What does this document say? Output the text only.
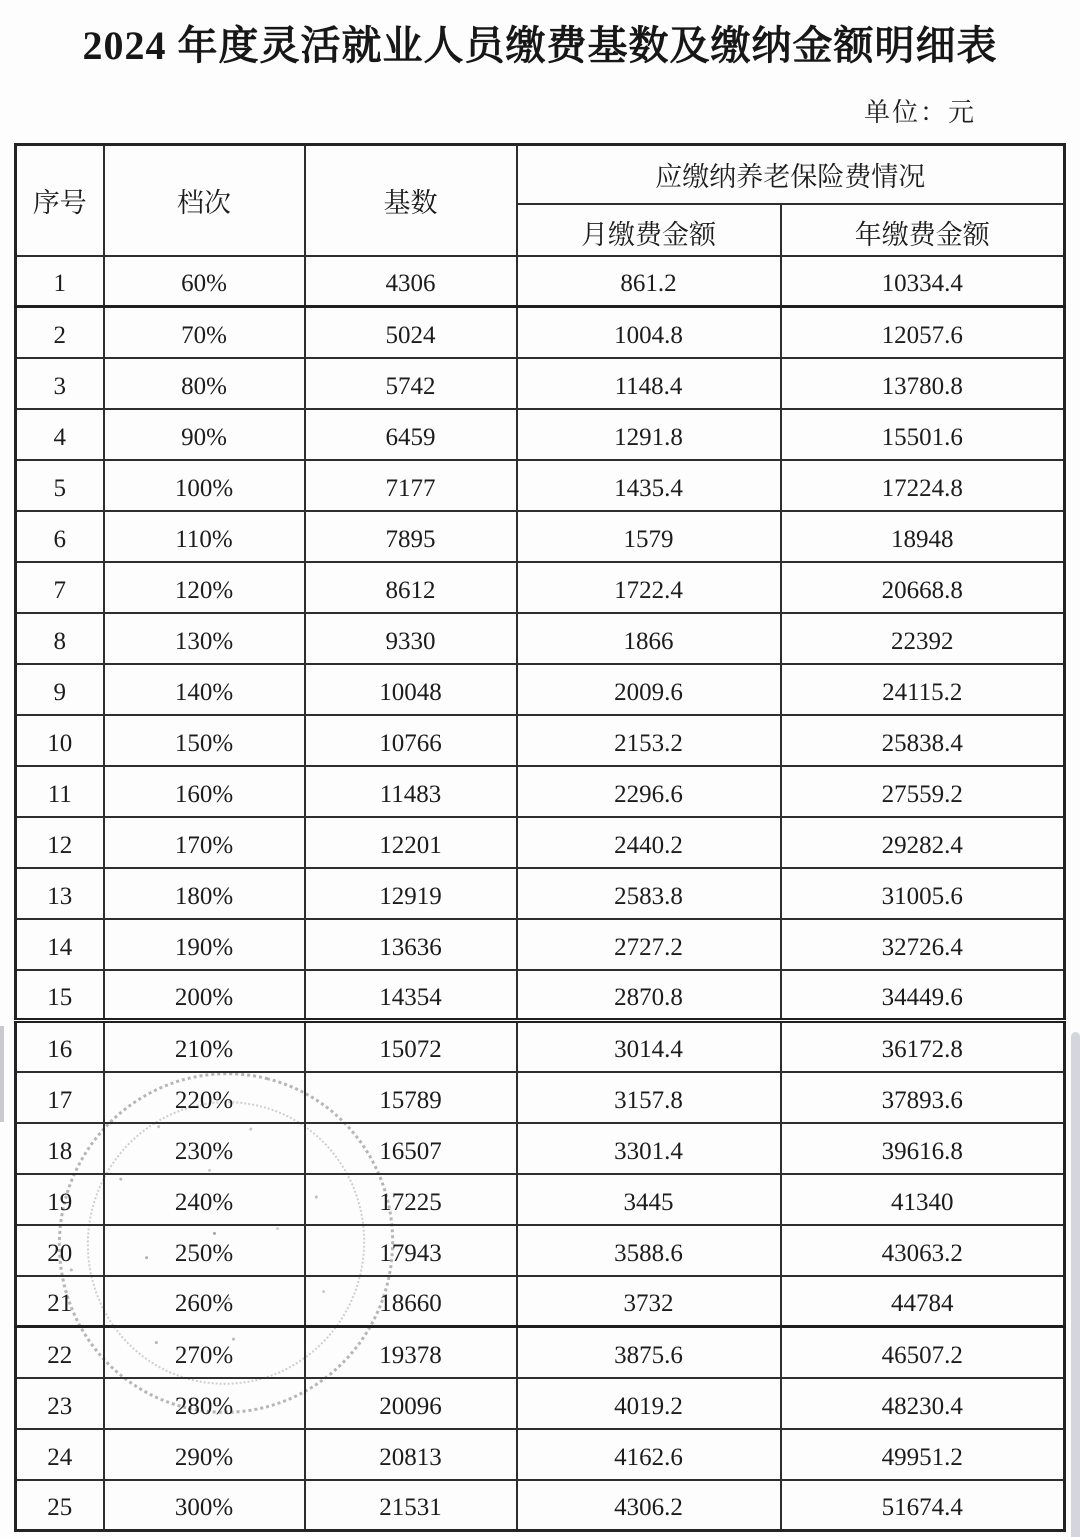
2024 年度灵活就业人员缴费基数及缴纳金额明细表
单位：元
序号	档次	基数	应缴纳养老保险费情况	
			月缴费金额	年缴费金额
1	60%	4306	861.2	10334.4
2	70%	5024	1004.8	12057.6
3	80%	5742	1148.4	13780.8
4	90%	6459	1291.8	15501.6
5	100%	7177	1435.4	17224.8
6	110%	7895	1579	18948
7	120%	8612	1722.4	20668.8
8	130%	9330	1866	22392
9	140%	10048	2009.6	24115.2
10	150%	10766	2153.2	25838.4
11	160%	11483	2296.6	27559.2
12	170%	12201	2440.2	29282.4
13	180%	12919	2583.8	31005.6
14	190%	13636	2727.2	32726.4
15	200%	14354	2870.8	34449.6
16	210%	15072	3014.4	36172.8
17	220%	15789	3157.8	37893.6
18	230%	16507	3301.4	39616.8
19	240%	17225	3445	41340
20	250%	17943	3588.6	43063.2
21	260%	18660	3732	44784
22	270%	19378	3875.6	46507.2
23	280%	20096	4019.2	48230.4
24	290%	20813	4162.6	49951.2
25	300%	21531	4306.2	51674.4
